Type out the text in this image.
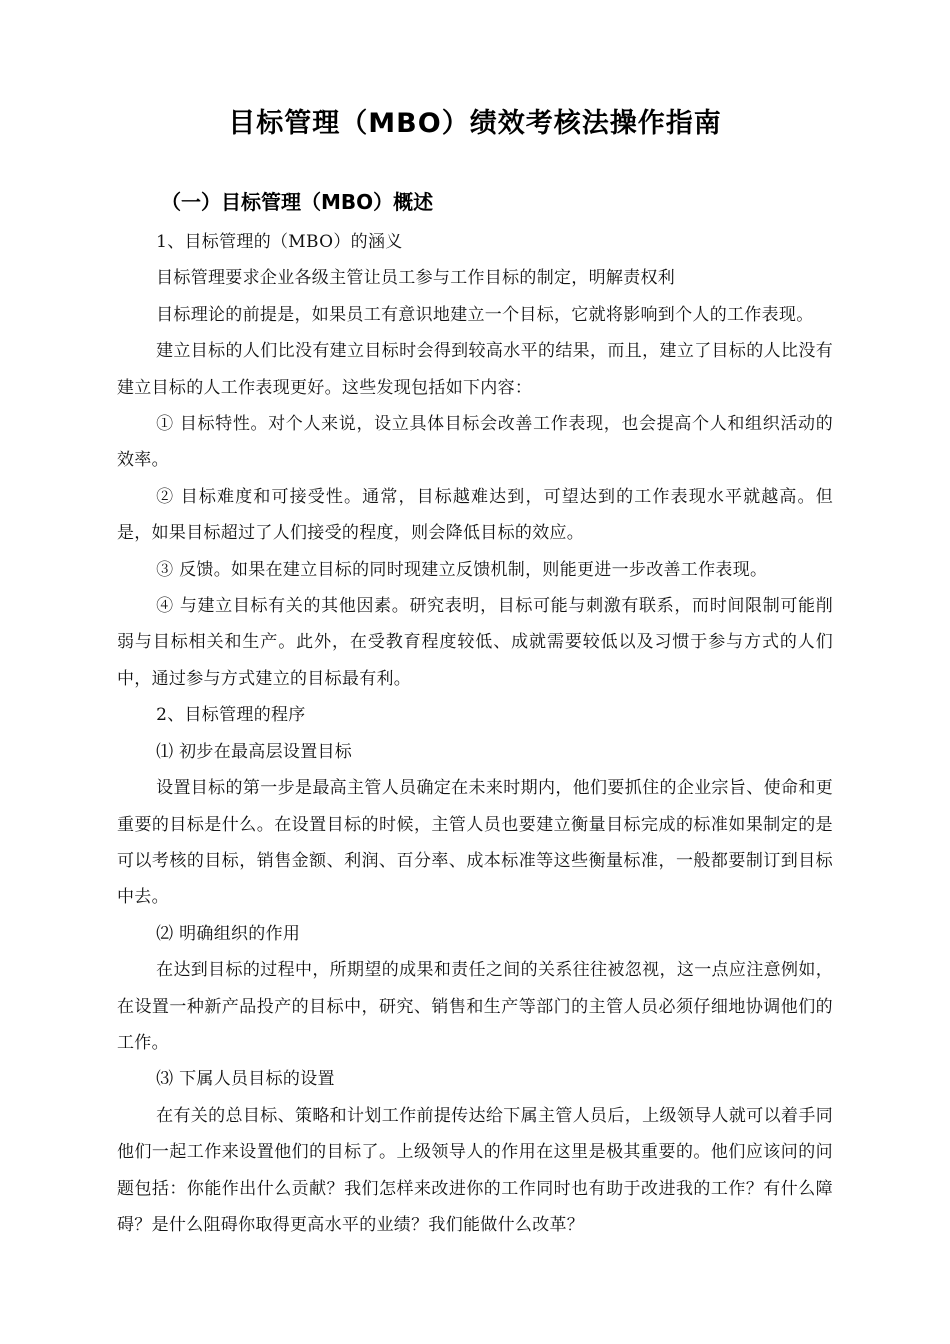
目标管理（MBO）绩效考核法操作指南
（一）目标管理（MBO）概述

1、目标管理的（MBO）的涵义

目标管理要求企业各级主管让员工参与工作目标的制定，明解责权利

目标理论的前提是，如果员工有意识地建立一个目标，它就将影响到个人的工作表现。

建立目标的人们比没有建立目标时会得到较高水平的结果，而且，建立了目标的人比没有建立目标的人工作表现更好。这些发现包括如下内容：

① 目标特性。对个人来说，设立具体目标会改善工作表现，也会提高个人和组织活动的效率。

② 目标难度和可接受性。通常，目标越难达到，可望达到的工作表现水平就越高。但是，如果目标超过了人们接受的程度，则会降低目标的效应。

③ 反馈。如果在建立目标的同时现建立反馈机制，则能更进一步改善工作表现。

④ 与建立目标有关的其他因素。研究表明，目标可能与刺激有联系，而时间限制可能削弱与目标相关和生产。此外，在受教育程度较低、成就需要较低以及习惯于参与方式的人们中，通过参与方式建立的目标最有利。

2、目标管理的程序

⑴ 初步在最高层设置目标

设置目标的第一步是最高主管人员确定在未来时期内，他们要抓住的企业宗旨、使命和更重要的目标是什么。在设置目标的时候，主管人员也要建立衡量目标完成的标准如果制定的是可以考核的目标，销售金额、利润、百分率、成本标准等这些衡量标准，一般都要制订到目标中去。

⑵ 明确组织的作用

在达到目标的过程中，所期望的成果和责任之间的关系往往被忽视，这一点应注意例如，在设置一种新产品投产的目标中，研究、销售和生产等部门的主管人员必须仔细地协调他们的工作。

⑶ 下属人员目标的设置

在有关的总目标、策略和计划工作前提传达给下属主管人员后，上级领导人就可以着手同他们一起工作来设置他们的目标了。上级领导人的作用在这里是极其重要的。他们应该问的问题包括：你能作出什么贡献？我们怎样来改进你的工作同时也有助于改进我的工作？有什么障碍？是什么阻碍你取得更高水平的业绩？我们能做什么改革？
